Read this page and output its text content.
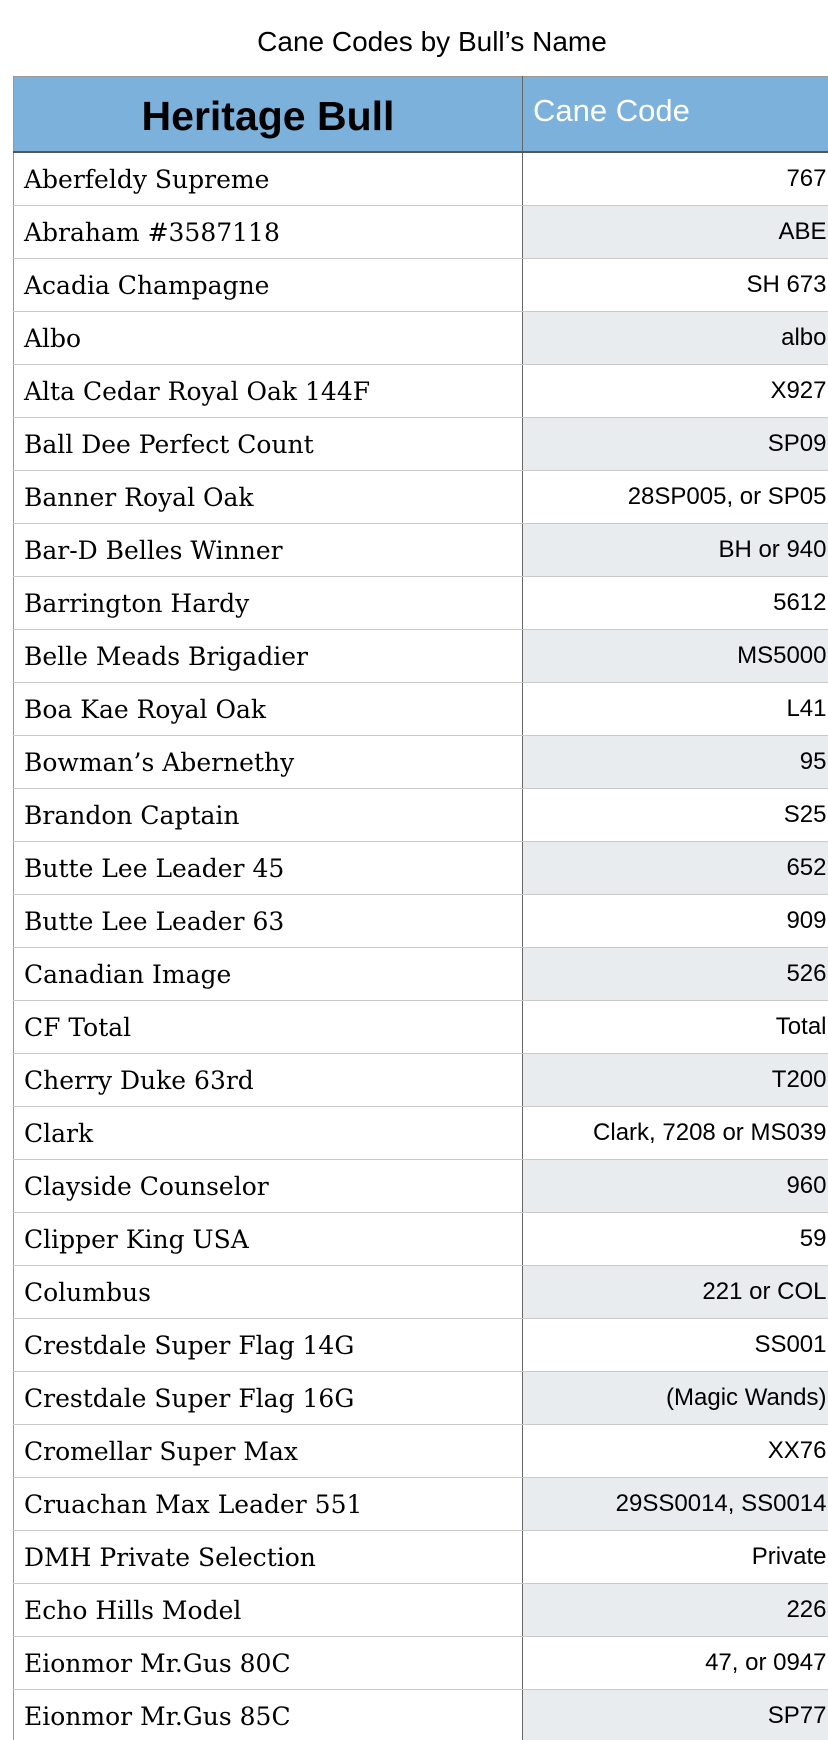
Cane Codes by Bull’s Name
Heritage Bull	Cane Code
Aberfeldy Supreme	767
Abraham #3587118	ABE
Acadia Champagne	SH 673
Albo	albo
Alta Cedar Royal Oak 144F	X927
Ball Dee Perfect Count	SP09
Banner Royal Oak	28SP005, or SP05
Bar-D Belles Winner	BH or 940
Barrington Hardy	5612
Belle Meads Brigadier	MS5000
Boa Kae Royal Oak	L41
Bowman’s Abernethy	95
Brandon Captain	S25
Butte Lee Leader 45	652
Butte Lee Leader 63	909
Canadian Image	526
CF Total	Total
Cherry Duke 63rd	T200
Clark	Clark, 7208 or MS039
Clayside Counselor	960
Clipper King USA	59
Columbus	221 or COL
Crestdale Super Flag 14G	SS001
Crestdale Super Flag 16G	(Magic Wands)
Cromellar Super Max	XX76
Cruachan Max Leader 551	29SS0014, SS0014
DMH Private Selection	Private
Echo Hills Model	226
Eionmor Mr.Gus 80C	47, or 0947
Eionmor Mr.Gus 85C	SP77
